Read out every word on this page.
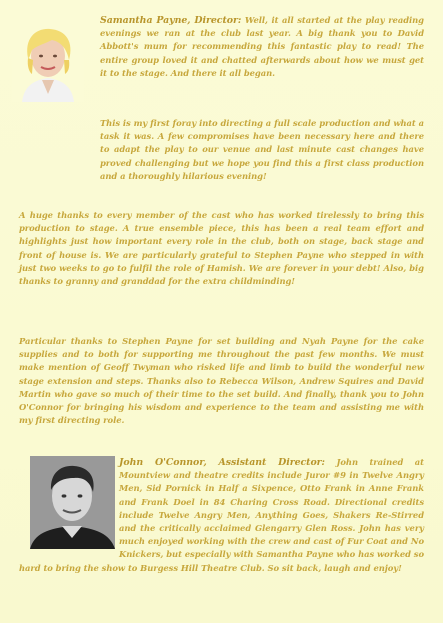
Samantha Payne, Director: Well, it all started at the play reading evenings we ran at the club last year. A big thank you to David Abbott's mum for recommending this fantastic play to read! The entire group loved it and chatted afterwards about how we must get it to the stage. And there it all began.

This is my first foray into directing a full scale production and what a task it was. A few compromises have been necessary here and there to adapt the play to our venue and last minute cast changes have proved challenging but we hope you find this a first class production and a thoroughly hilarious evening!

A huge thanks to every member of the cast who has worked tirelessly to bring this production to stage. A true ensemble piece, this has been a real team effort and highlights just how important every role in the club, both on stage, back stage and front of house is. We are particularly grateful to Stephen Payne who stepped in with just two weeks to go to fulfil the role of Hamish. We are forever in your debt! Also, big thanks to granny and granddad for the extra childminding!

Particular thanks to Stephen Payne for set building and Nyah Payne for the cake supplies and to both for supporting me throughout the past few months. We must make mention of Geoff Twyman who risked life and limb to build the wonderful new stage extension and steps. Thanks also to Rebecca Wilson, Andrew Squires and David Martin who gave so much of their time to the set build. And finally, thank you to John O'Connor for bringing his wisdom and experience to the team and assisting me with my first directing role.

John O'Connor, Assistant Director: John trained at Mountview and theatre credits include Juror #9 in Twelve Angry Men, Sid Pornick in Half a Sixpence, Otto Frank in Anne Frank and Frank Doel in 84 Charing Cross Road. Directional credits include Twelve Angry Men, Anything Goes, Shakers Re-Stirred and the critically acclaimed Glengarry Glen Ross. John has very much enjoyed working with the crew and cast of Fur Coat and No Knickers, but especially with Samantha Payne who has worked so hard to bring the show to Burgess Hill Theatre Club. So sit back, laugh and enjoy!
